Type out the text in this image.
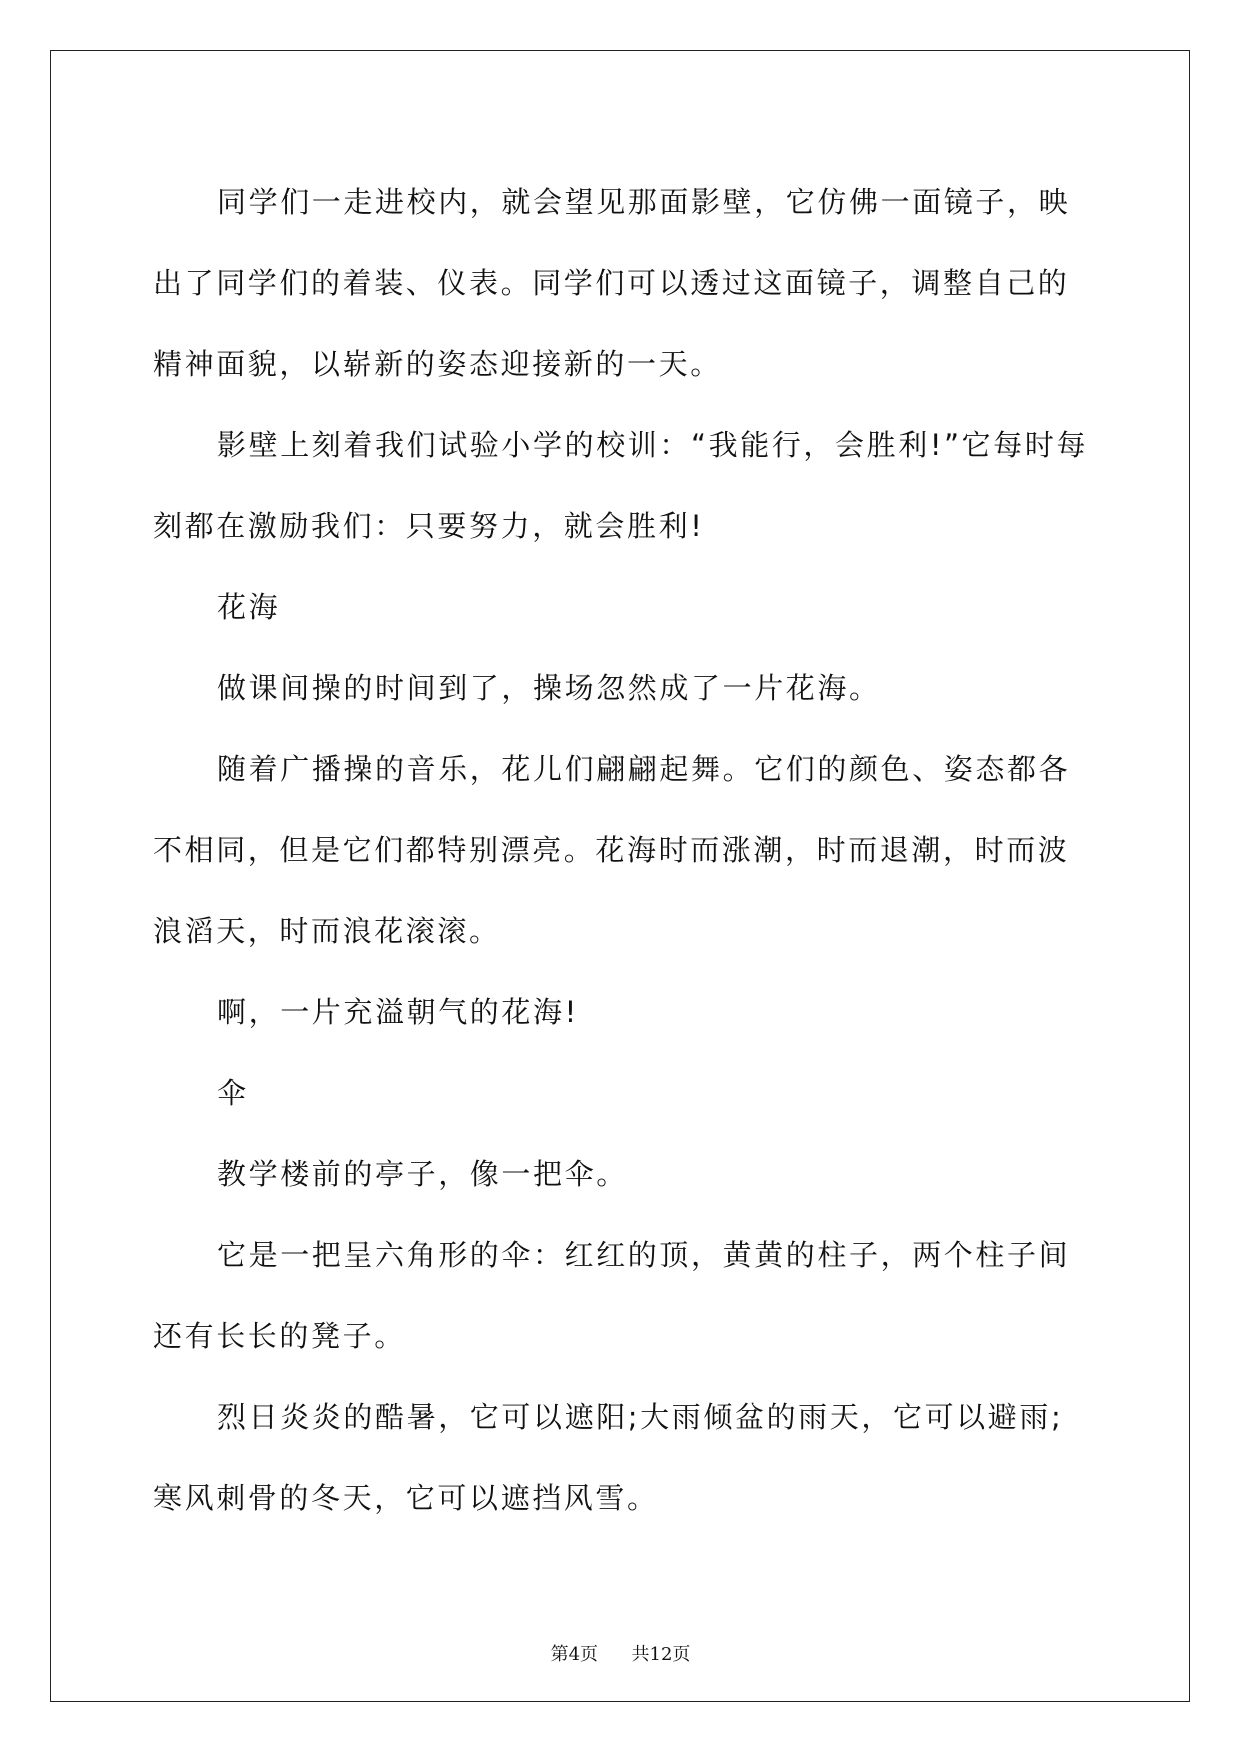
同学们一走进校内，就会望见那面影壁，它仿佛一面镜子，映出了同学们的着装、仪表。同学们可以透过这面镜子，调整自己的精神面貌，以崭新的姿态迎接新的一天。

影壁上刻着我们试验小学的校训：“我能行，会胜利!”它每时每刻都在激励我们：只要努力，就会胜利!

花海

做课间操的时间到了，操场忽然成了一片花海。

随着广播操的音乐，花儿们翩翩起舞。它们的颜色、姿态都各不相同，但是它们都特别漂亮。花海时而涨潮，时而退潮，时而波浪滔天，时而浪花滚滚。

啊，一片充溢朝气的花海!

伞

教学楼前的亭子，像一把伞。

它是一把呈六角形的伞：红红的顶，黄黄的柱子，两个柱子间还有长长的凳子。

烈日炎炎的酷暑，它可以遮阳;大雨倾盆的雨天，它可以避雨;寒风刺骨的冬天，它可以遮挡风雪。

第4页 共12页
